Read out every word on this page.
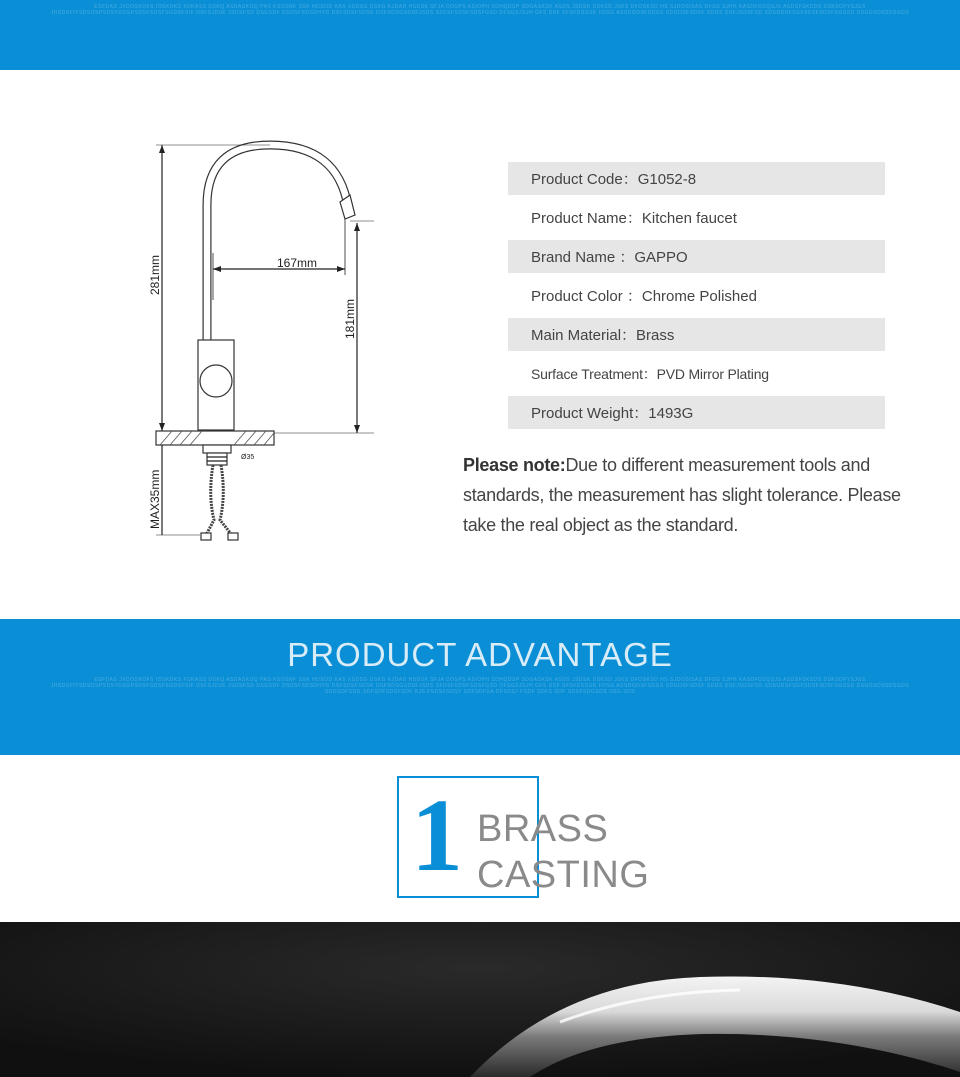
ESFDAS JXDOSKOFS IOSKDKS FDKASS DSKQ ASDASKOQ PAS KSOSNF SSK HDSOD KAS XSDSG DSKG KJDAD HSDSK SFJA DOSPS ASIOPH SDHQDSP SDGASKSK ASDS JSDSK DSKSD JSKS DFOSKSD HS SJDOSISAS DFSG SJPH KASDFOSQSJS ASDSFSKSDS DSKSDFYSJGS JHSDSFIYSDSOSPSDSYDSGPSDSFSDSFSGDSFSIF DSFSJDSK JSDSFSD DSGSDF DSDSFSDSDHYG DSFSDSFSDSK DSFSDSGSDSFJSDS SFDSFSDSFSDSFGSD DFSGSJSJH GFS DSF SFSFDSGSK FDSG ASSDGDSFSDGS SDGDSFSDSF SDGS DSFJSDSFSD SDSGDSFSGFSDSFSDSFSGSSD DSGGSDSSDSGDS
281mm	167mm
181mm
MAX35mm
Ø35
Product Code：G1052-8
Product Name：Kitchen faucet
Brand Name ：GAPPO
Product Color ：Chrome Polished
Main Material：Brass
Surface Treatment：PVD Mirror Plating
Product Weight：1493G
Please note:Due to different measurement tools and standards, the measurement has slight tolerance. Please take the real object as the standard.
ESFDAS JXDOSKOFS IOSKDKS FDKASS DSKQ ASDASKOQ PAS KSOSNF SSK HDSOD KAS XSDSG DSKG KJDAD HSDSK SFJA DOSPS ASIOPH SDHQDSP SDGASKSK ASDS JSDSK DSKSD JSKS DFOSKSD HS SJDOSISAS DFSG SJPH KASDFOSQSJS ASDSFSKSDS DSKSDFYSJGS JHSDSFIYSDSOSPSDSYDSGPSDSFSDSFSGDSFSIF DSFSJDSK JSDSFSD DSGSDF DSDSFSDSDHYG DSFSDSFSDSK DSFSDSGSDSFJSDS SFDSFSDSFSDSFGSD DFSGSJSJH GFS DSF SFSFDSGSK FDSG ASSDGDSFSDGS SDGDSFSDSF SDGS DSFJSDSFSD SDSGDSFSGFSDSFSDSFSGSSD DSGGSDSSDSGDS SDGSDFSDG SDFSDFSDSFSDF KJS FSDSFSDSY SDFSDFSA DFSDSJ FSDF SDFS SDF SDSFSDGSDS DSG SDS
PRODUCT ADVANTAGE
1 BRASS
CASTING
